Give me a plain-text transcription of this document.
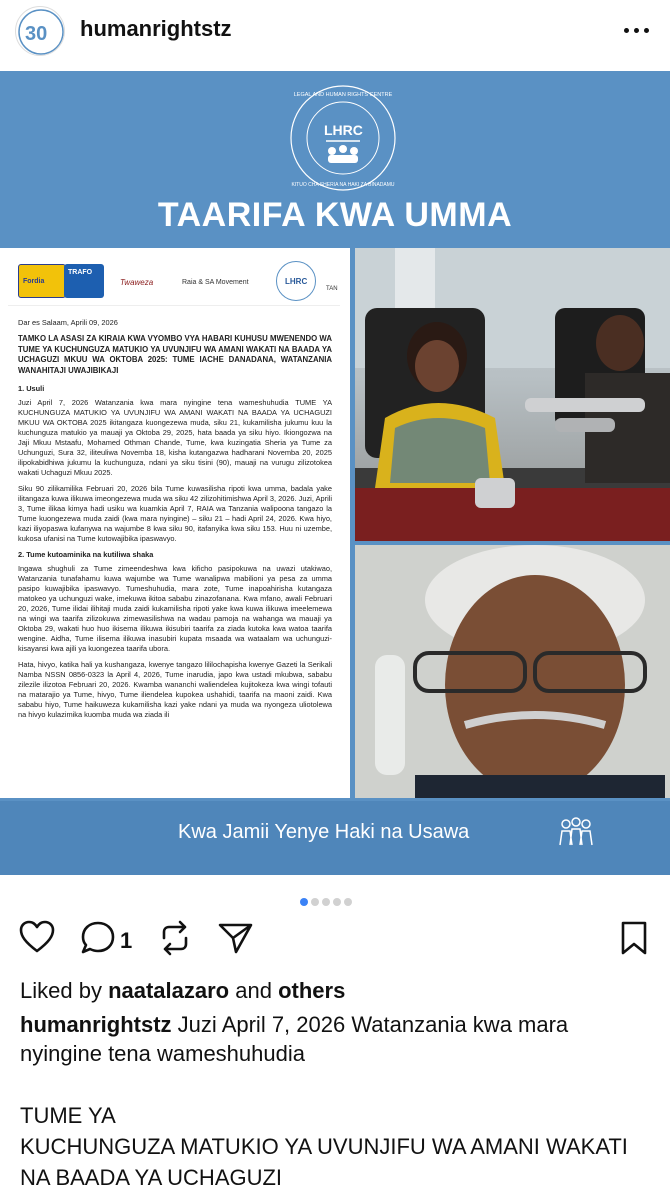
30 humanrightstz
LHRC
LEGAL AND HUMAN RIGHTS CENTRE
KITUO CHA SHERIA NA HAKI ZA BINADAMU
TAARIFA KWA UMMA
Fordia
TRAFO
Twaweza	Raia & SA Movement	LHRC
TAN

Dar es Salaam, Aprili 09, 2026

TAMKO LA ASASI ZA KIRAIA KWA VYOMBO VYA HABARI KUHUSU MWENENDO WA TUME YA KUCHUNGUZA MATUKIO YA UVUNJIFU WA AMANI WAKATI NA BAADA YA UCHAGUZI MKUU WA OKTOBA 2025: TUME IACHE DANADANA, WATANZANIA WANAHITAJI UWAJIBIKAJI

1. Usuli

Juzi April 7, 2026 Watanzania kwa mara nyingine tena wameshuhudia TUME YA KUCHUNGUZA MATUKIO YA UVUNJIFU WA AMANI WAKATI NA BAADA YA UCHAGUZI MKUU WA OKTOBA 2025 ikitangaza kuongezewa muda, siku 21, kukamilisha jukumu kuu la kuchunguza matukio ya mauaji ya Oktoba 29, 2025, hata baada ya siku hiyo. Ikiongozwa na Jaji Mkuu Mstaafu, Mohamed Othman Chande, Tume, kwa kuzingatia Sheria ya Tume za Uchunguzi, Sura 32, iliteuliwa Novemba 18, kisha kutangazwa hadharani Novemba 20, 2025 ilipokabidhiwa jukumu la kuchunguza, ndani ya siku tisini (90), mauaji na vurugu zilizotokea wakati Uchaguzi Mkuu 2025.

Siku 90 zilikamilika Februari 20, 2026 bila Tume kuwasilisha ripoti kwa umma, badala yake ilitangaza kuwa ilikuwa imeongezewa muda wa siku 42 zilizohitimishwa April 3, 2026. Juzi, Aprili 3, Tume ilikaa kimya hadi usiku wa kuamkia April 7, RAIA wa Tanzania walipoona tangazo la Tume kuongezewa muda zaidi (kwa mara nyingine) – siku 21 – hadi April 24, 2026. Kwa hiyo, kazi iliyopaswa kufanywa na wajumbe 8 kwa siku 90, itafanyika kwa siku 153. Huu ni uzembe, kukosa ufanisi na Tume kutowajibika ipaswavyo.

2. Tume kutoaminika na kutiliwa shaka

Ingawa shughuli za Tume zimeendeshwa kwa kificho pasipokuwa na uwazi utakiwao, Watanzania tunafahamu kuwa wajumbe wa Tume wanalipwa mabilioni ya pesa za umma pasipo kuwajibika ipaswavyo. Tumeshuhudia, mara zote, Tume inapoahirisha kutangaza matokeo ya uchunguzi wake, imekuwa ikitoa sababu zinazofanana. Kwa mfano, awali Februari 20, 2026, Tume ilidai ilihitaji muda zaidi kukamilisha ripoti yake kwa kuwa ilikuwa imeelemewa na wingi wa taarifa zilizokuwa zimewasilishwa na wadau pamoja na wahanga wa mauaji ya Oktoba 29, wakati huo huo ikisema ilikuwa ikisubiri taarifa za ziada kutoka kwa watoa taarifa wengine. Aidha, Tume ilisema ilikuwa inasubiri kupata msaada wa wataalam wa uchunguzi-kisayansi kwa ajili ya kuongezea taarifa ubora.

Hata, hivyo, katika hali ya kushangaza, kwenye tangazo lililochapisha kwenye Gazeti la Serikali Namba NSSN 0856-0323 la April 4, 2026, Tume inarudia, japo kwa ustadi mkubwa, sababu zilezile ilizotoa Februari 20, 2026. Kwamba wananchi waliendelea kujitokeza kwa wingi tofauti na matarajio ya Tume, hivyo, Tume iliendelea kupokea ushahidi, taarifa na maoni zaidi. Kwa sababu hiyo, Tume haikuweza kukamilisha kazi yake ndani ya muda wa nyongeza uliotolewa na hivyo kulazimika kuomba muda wa ziada ili

Kwa Jamii Yenye Haki na Usawa
1
Liked by naatalazaro and others
humanrightstz Juzi April 7, 2026 Watanzania kwa mara nyingine tena wameshuhudia
TUME YA
KUCHUNGUZA MATUKIO YA UVUNJIFU WA AMANI WAKATI NA BAADA YA UCHAGUZI
